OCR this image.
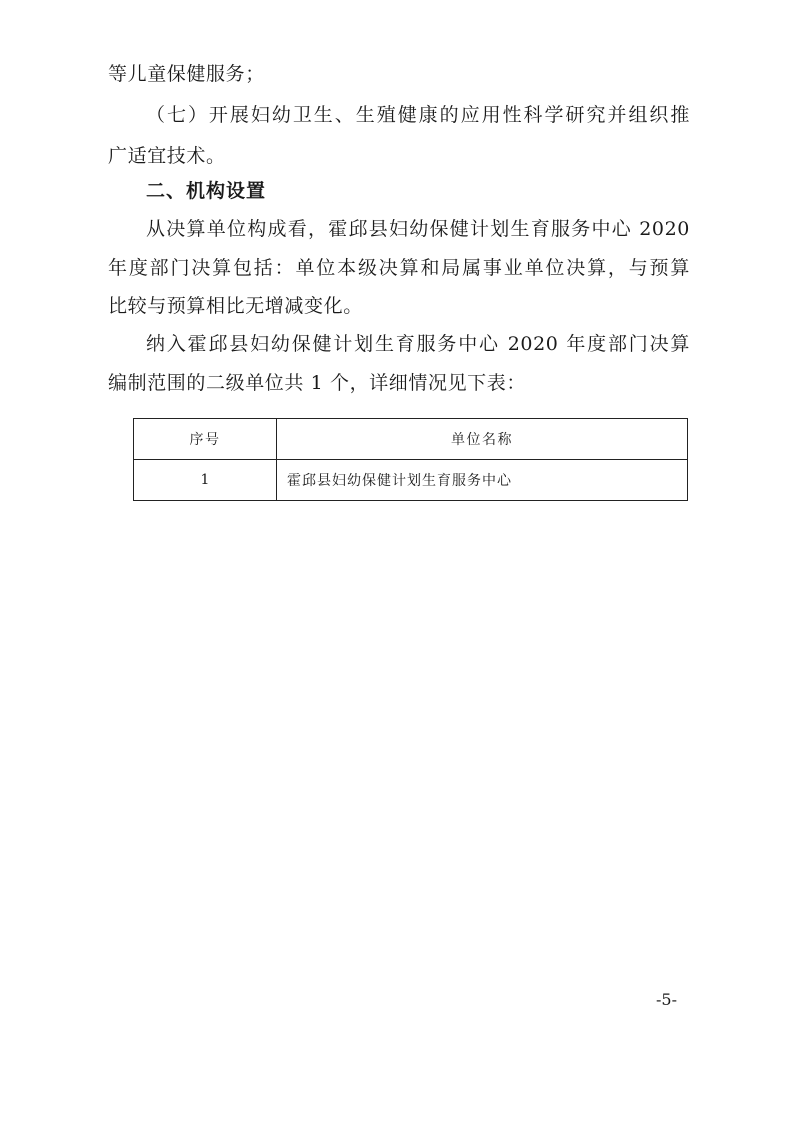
等儿童保健服务；
（七）开展妇幼卫生、生殖健康的应用性科学研究并组织推
广适宜技术。
二、机构设置
从决算单位构成看，霍邱县妇幼保健计划生育服务中心 2020
年度部门决算包括：单位本级决算和局属事业单位决算，与预算
比较与预算相比无增减变化。
纳入霍邱县妇幼保健计划生育服务中心 2020 年度部门决算
编制范围的二级单位共 1 个，详细情况见下表：
序号	单位名称
1	霍邱县妇幼保健计划生育服务中心
-5-
